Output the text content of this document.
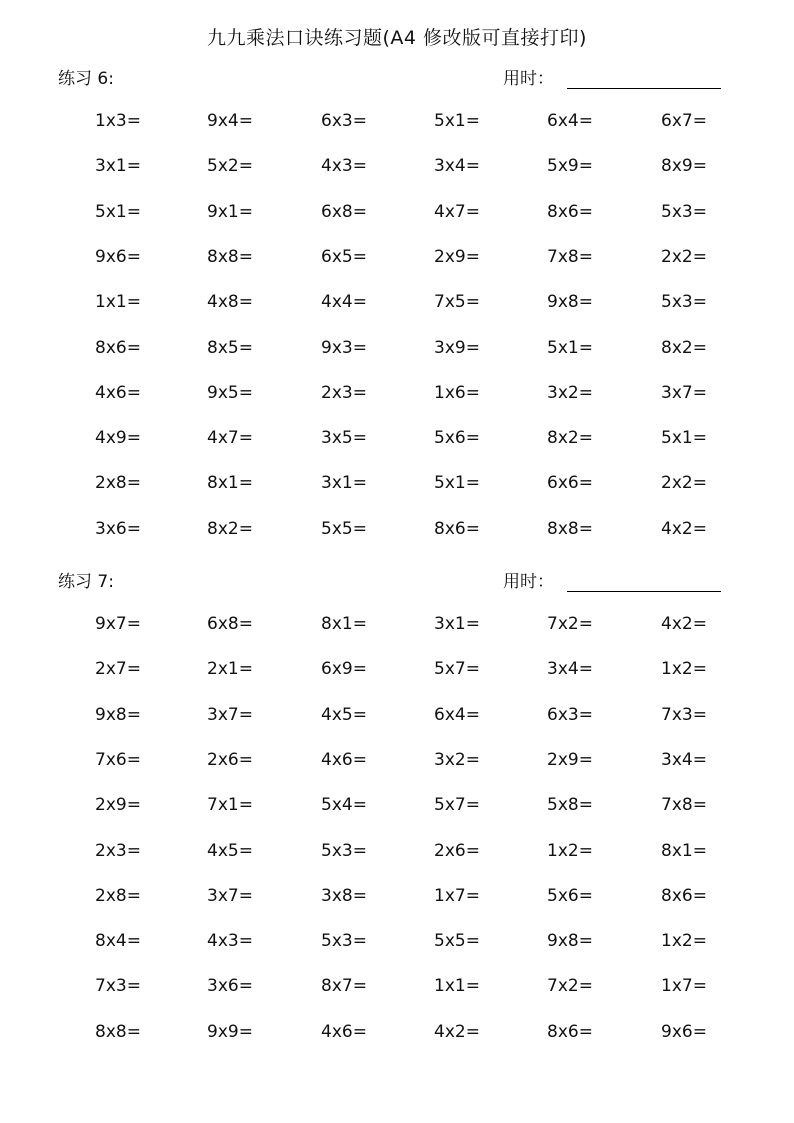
九九乘法口诀练习题(A4 修改版可直接打印)
练习 6:	用时：
1x3=	9x4=	6x3=	5x1=	6x4=	6x7=
3x1=	5x2=	4x3=	3x4=	5x9=	8x9=
5x1=	9x1=	6x8=	4x7=	8x6=	5x3=
9x6=	8x8=	6x5=	2x9=	7x8=	2x2=
1x1=	4x8=	4x4=	7x5=	9x8=	5x3=
8x6=	8x5=	9x3=	3x9=	5x1=	8x2=
4x6=	9x5=	2x3=	1x6=	3x2=	3x7=
4x9=	4x7=	3x5=	5x6=	8x2=	5x1=
2x8=	8x1=	3x1=	5x1=	6x6=	2x2=
3x6=	8x2=	5x5=	8x6=	8x8=	4x2=
练习 7:	用时：
9x7=	6x8=	8x1=	3x1=	7x2=	4x2=
2x7=	2x1=	6x9=	5x7=	3x4=	1x2=
9x8=	3x7=	4x5=	6x4=	6x3=	7x3=
7x6=	2x6=	4x6=	3x2=	2x9=	3x4=
2x9=	7x1=	5x4=	5x7=	5x8=	7x8=
2x3=	4x5=	5x3=	2x6=	1x2=	8x1=
2x8=	3x7=	3x8=	1x7=	5x6=	8x6=
8x4=	4x3=	5x3=	5x5=	9x8=	1x2=
7x3=	3x6=	8x7=	1x1=	7x2=	1x7=
8x8=	9x9=	4x6=	4x2=	8x6=	9x6=
